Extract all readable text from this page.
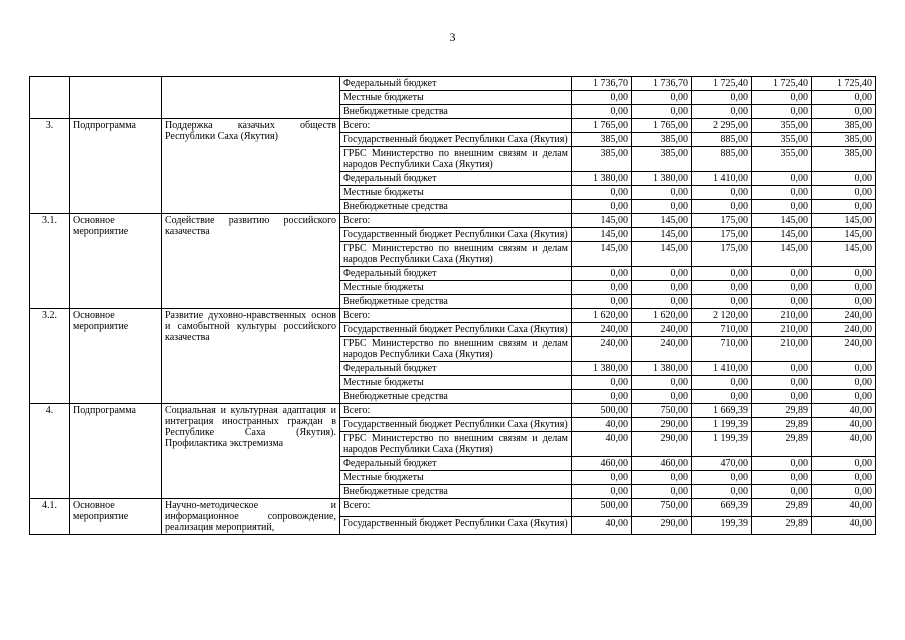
3
			Федеральный бюджет	1 736,70	1 736,70	1 725,40	1 725,40	1 725,40
			Местные бюджеты	0,00	0,00	0,00	0,00	0,00
			Внебюджетные средства	0,00	0,00	0,00	0,00	0,00
3.	Подпрограмма	Поддержка казачьих обществ Республики Саха (Якутия)	Всего:	1 765,00	1 765,00	2 295,00	355,00	385,00
			Государственный бюджет Республики Саха (Якутия)	385,00	385,00	885,00	355,00	385,00
			ГРБС Министерство по внешним связям и делам народов Республики Саха (Якутия)	385,00	385,00	885,00	355,00	385,00
			Федеральный бюджет	1 380,00	1 380,00	1 410,00	0,00	0,00
			Местные бюджеты	0,00	0,00	0,00	0,00	0,00
			Внебюджетные средства	0,00	0,00	0,00	0,00	0,00
3.1.	Основное мероприятие	Содействие развитию российского казачества	Всего:	145,00	145,00	175,00	145,00	145,00
			Государственный бюджет Республики Саха (Якутия)	145,00	145,00	175,00	145,00	145,00
			ГРБС Министерство по внешним связям и делам народов Республики Саха (Якутия)	145,00	145,00	175,00	145,00	145,00
			Федеральный бюджет	0,00	0,00	0,00	0,00	0,00
			Местные бюджеты	0,00	0,00	0,00	0,00	0,00
			Внебюджетные средства	0,00	0,00	0,00	0,00	0,00
3.2.	Основное мероприятие	Развитие духовно-нравственных основ и самобытной культуры российского казачества	Всего:	1 620,00	1 620,00	2 120,00	210,00	240,00
			Государственный бюджет Республики Саха (Якутия)	240,00	240,00	710,00	210,00	240,00
			ГРБС Министерство по внешним связям и делам народов Республики Саха (Якутия)	240,00	240,00	710,00	210,00	240,00
			Федеральный бюджет	1 380,00	1 380,00	1 410,00	0,00	0,00
			Местные бюджеты	0,00	0,00	0,00	0,00	0,00
			Внебюджетные средства	0,00	0,00	0,00	0,00	0,00
4.	Подпрограмма	Социальная и культурная адаптация и интеграция иностранных граждан в Республике Саха (Якутия). Профилактика экстремизма	Всего:	500,00	750,00	1 669,39	29,89	40,00
			Государственный бюджет Республики Саха (Якутия)	40,00	290,00	1 199,39	29,89	40,00
			ГРБС Министерство по внешним связям и делам народов Республики Саха (Якутия)	40,00	290,00	1 199,39	29,89	40,00
			Федеральный бюджет	460,00	460,00	470,00	0,00	0,00
			Местные бюджеты	0,00	0,00	0,00	0,00	0,00
			Внебюджетные средства	0,00	0,00	0,00	0,00	0,00
4.1.	Основное мероприятие	Научно-методическое и информационное сопровождение, реализация мероприятий,	Всего:	500,00	750,00	669,39	29,89	40,00
			Государственный бюджет Республики Саха (Якутия)	40,00	290,00	199,39	29,89	40,00
